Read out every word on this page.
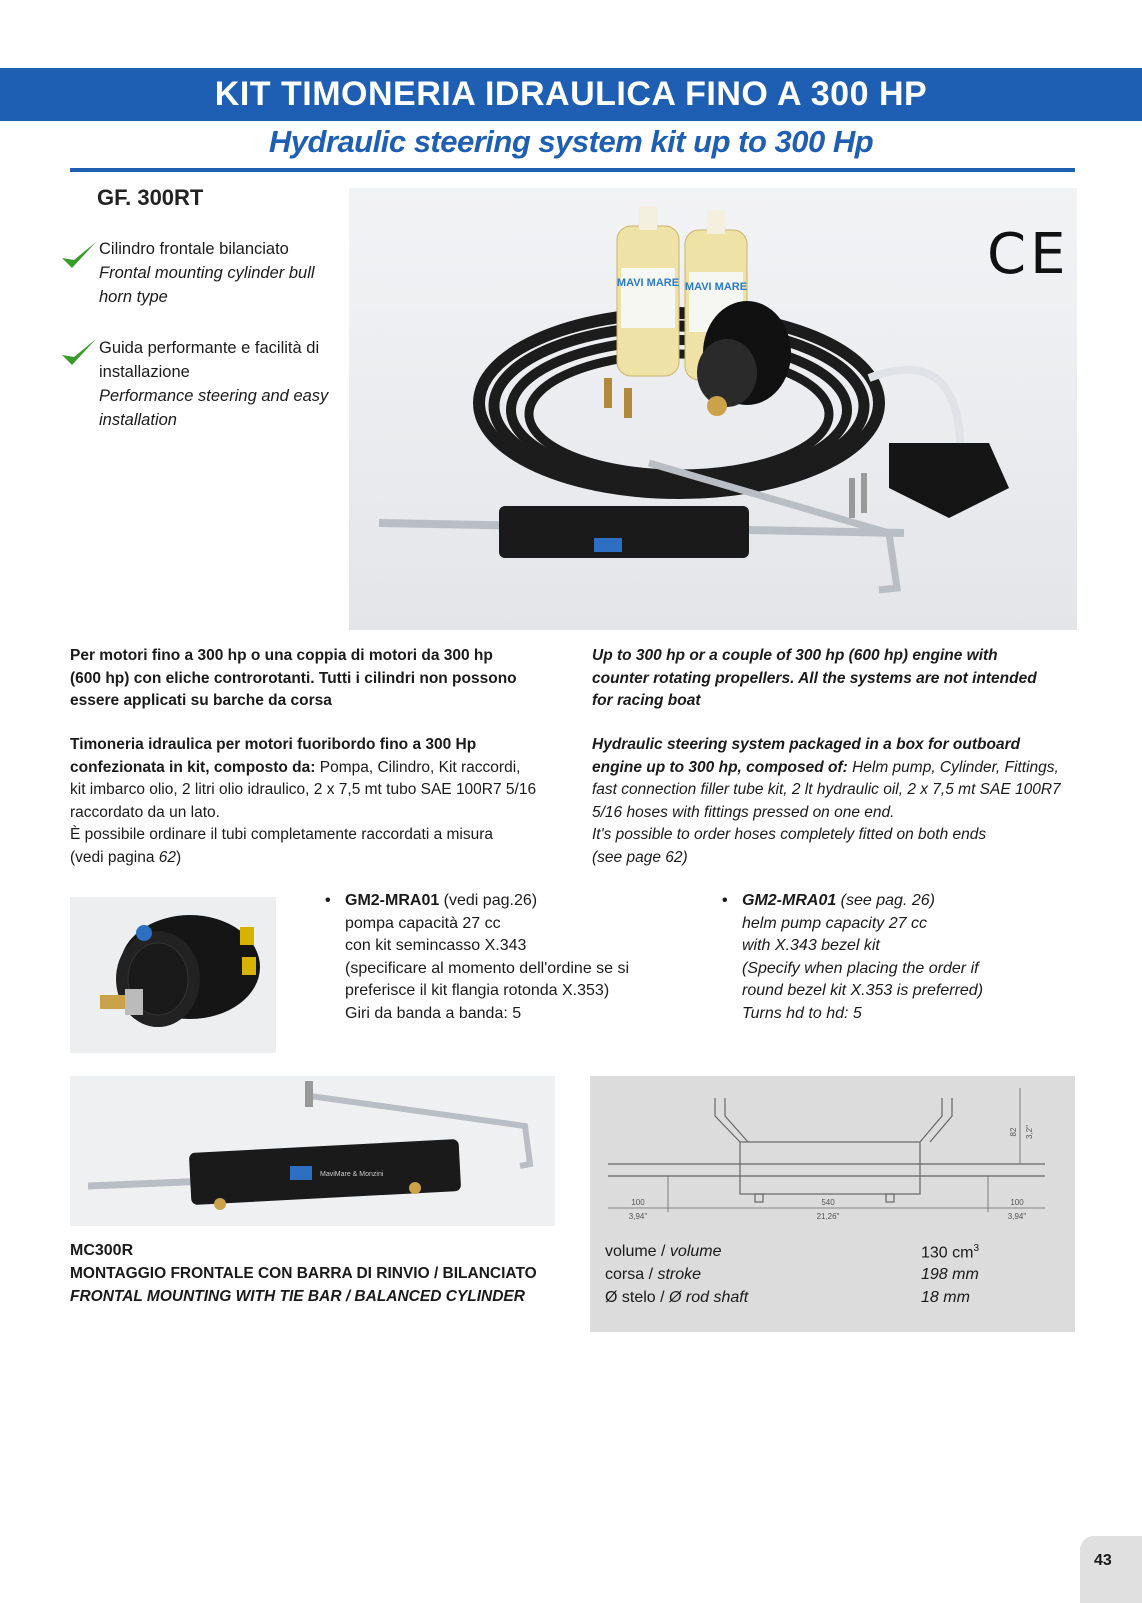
KIT TIMONERIA IDRAULICA FINO A 300 HP
Hydraulic steering system kit up to 300 Hp
GF. 300RT
Cilindro frontale bilanciato
Frontal mounting cylinder bull
horn type
Guida performante e facilità di
installazione
Performance steering and easy
installation
MAVI MARE MAVI MARE	CE
Per motori fino a 300 hp o una coppia di motori da 300 hp
(600 hp) con eliche controrotanti. Tutti i cilindri non possono
essere applicati su barche da corsa
Up to 300 hp or a couple of 300 hp (600 hp) engine with
counter rotating propellers. All the systems are not intended
for racing boat
Timoneria idraulica per motori fuoribordo fino a 300 Hp
confezionata in kit, composto da: Pompa, Cilindro, Kit raccordi,
kit imbarco olio, 2 litri olio idraulico, 2 x 7,5 mt tubo SAE 100R7 5/16
raccordato da un lato.
È possibile ordinare il tubi completamente raccordati a misura
(vedi pagina 62)
Hydraulic steering system packaged in a box for outboard
engine up to 300 hp, composed of: Helm pump, Cylinder, Fittings,
fast connection filler tube kit, 2 lt hydraulic oil, 2 x 7,5 mt SAE 100R7
5/16 hoses with fittings pressed on one end.
It's possible to order hoses completely fitted on both ends
(see page 62)
• GM2-MRA01 (vedi pag.26)
pompa capacità 27 cc
con kit semincasso X.343
(specificare al momento dell'ordine se si
preferisce il kit flangia rotonda X.353)
Giri da banda a banda: 5
• GM2-MRA01 (see pag. 26)
helm pump capacity 27 cc
with X.343 bezel kit
(Specify when placing the order if
round bezel kit X.353 is preferred)
Turns hd to hd: 5
MaviMare & Monzini
100
3,94"
540
21,26"
100
3,94"
82 3,2"
MC300R
MONTAGGIO FRONTALE CON BARRA DI RINVIO / BILANCIATO
FRONTAL MOUNTING WITH TIE BAR / BALANCED CYLINDER
volume / volume	130 $cm^3$
corsa / stroke	198 mm
Ø stelo / Ø rod shaft	18 mm
43
